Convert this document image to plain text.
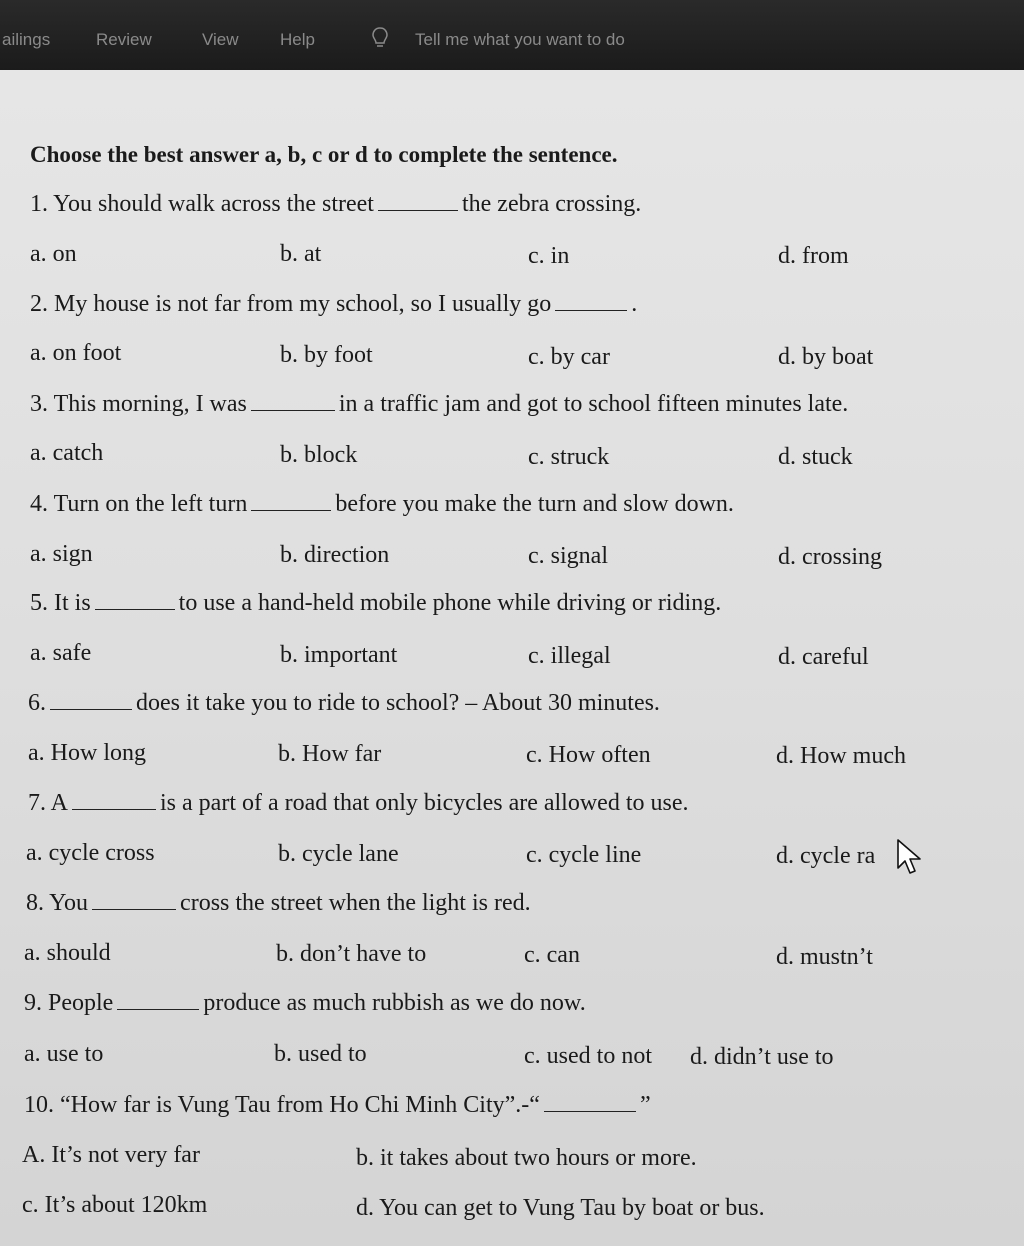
ailings	Review	View Help	Tell me what you want to do
Choose the best answer a, b, c or d to complete the sentence.
1. You should walk across the street	the zebra crossing.
a. on	b. at	c. in	d. from
2. My house is not far from my school, so I usually go	.
a. on foot	b. by foot	c. by car	d. by boat
3. This morning, I was	in a traffic jam and got to school fifteen minutes late.
a. catch	b. block	c. struck	d. stuck
4. Turn on the left turn	before you make the turn and slow down.
a. sign	b. direction	c. signal	d. crossing
5. It is	to use a hand-held mobile phone while driving or riding.
a. safe	b. important	c. illegal	d. careful
6.	does it take you to ride to school? – About 30 minutes.
a. How long	b. How far	c. How often	d. How much
7. A	is a part of a road that only bicycles are allowed to use.
a. cycle cross	b. cycle lane	c. cycle line	d. cycle ra
8. You	cross the street when the light is red.
a. should	b. don’t have to	c. can	d. mustn’t
9. People	produce as much rubbish as we do now.
a. use to	b. used to	c. used to not d. didn’t use to
10. “How far is Vung Tau from Ho Chi Minh City”.-“	”
A. It’s not very far	b. it takes about two hours or more.
c. It’s about 120km	d. You can get to Vung Tau by boat or bus.
